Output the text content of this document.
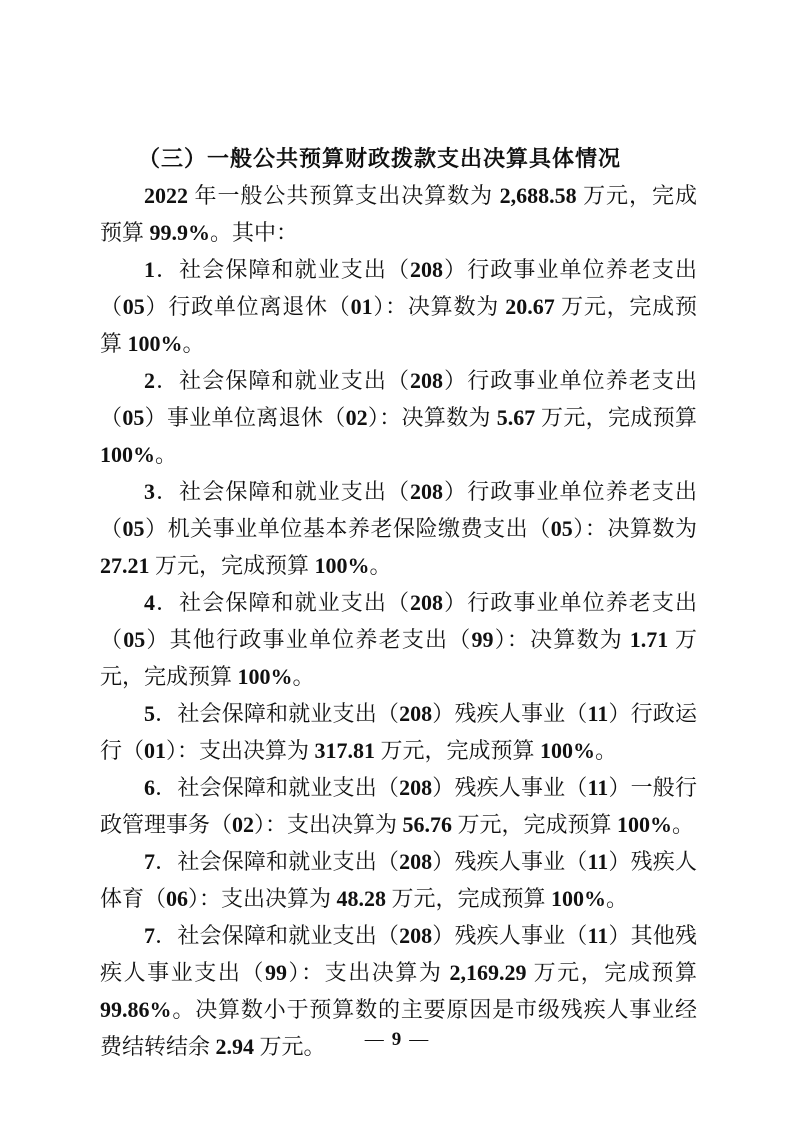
（三）一般公共预算财政拨款支出决算具体情况

2022 年一般公共预算支出决算数为 2,688.58 万元，完成预算 99.9%。其中：

1．社会保障和就业支出（208）行政事业单位养老支出（05）行政单位离退休（01）：决算数为 20.67 万元，完成预算 100%。

2．社会保障和就业支出（208）行政事业单位养老支出（05）事业单位离退休（02）：决算数为 5.67 万元，完成预算 100%。

3．社会保障和就业支出（208）行政事业单位养老支出（05）机关事业单位基本养老保险缴费支出（05）：决算数为 27.21 万元，完成预算 100%。

4．社会保障和就业支出（208）行政事业单位养老支出（05）其他行政事业单位养老支出（99）：决算数为 1.71 万元，完成预算 100%。

5．社会保障和就业支出（208）残疾人事业（11）行政运行（01）：支出决算为 317.81 万元，完成预算 100%。

6．社会保障和就业支出（208）残疾人事业（11）一般行政管理事务（02）：支出决算为 56.76 万元，完成预算 100%。

7．社会保障和就业支出（208）残疾人事业（11）残疾人体育（06）：支出决算为 48.28 万元，完成预算 100%。

7．社会保障和就业支出（208）残疾人事业（11）其他残疾人事业支出（99）：支出决算为 2,169.29 万元，完成预算 99.86%。决算数小于预算数的主要原因是市级残疾人事业经费结转结余 2.94 万元。	— 9 —
